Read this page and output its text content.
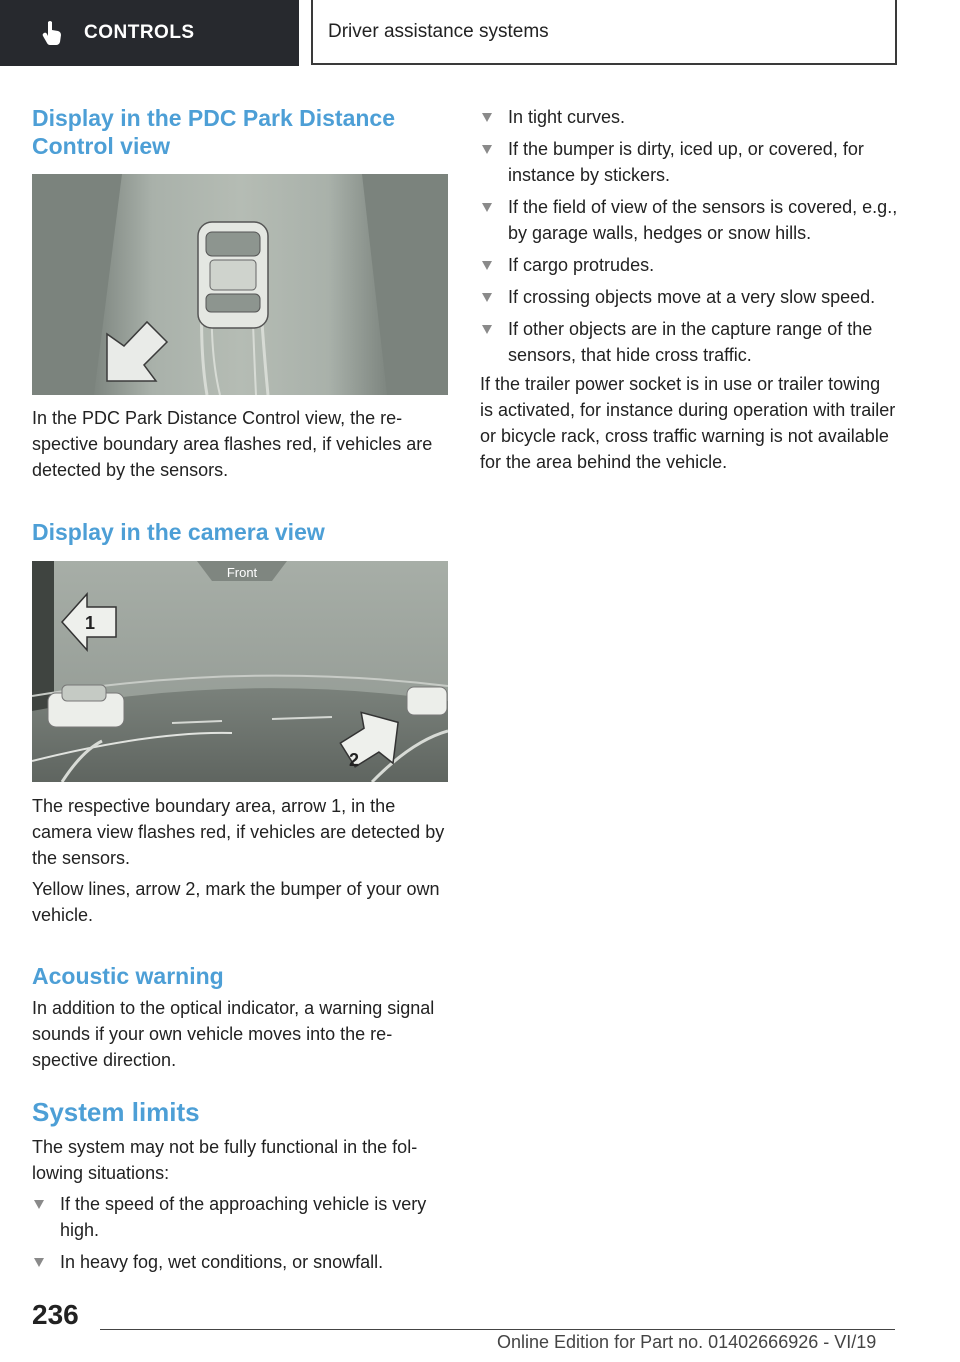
CONTROLS	Driver assistance systems
Display in the PDC Park Distance Control view

In the PDC Park Distance Control view, the respective boundary area flashes red, if vehicles are detected by the sensors.

Display in the camera view
Front
1
2

The respective boundary area, arrow 1, in the camera view flashes red, if vehicles are detected by the sensors.

Yellow lines, arrow 2, mark the bumper of your own vehicle.

Acoustic warning

In addition to the optical indicator, a warning signal sounds if your own vehicle moves into the respective direction.

System limits

The system may not be fully functional in the following situations:

If the speed of the approaching vehicle is very high.
In heavy fog, wet conditions, or snowfall.
In tight curves.
If the bumper is dirty, iced up, or covered, for instance by stickers.
If the field of view of the sensors is covered, e.g., by garage walls, hedges or snow hills.
If cargo protrudes.
If crossing objects move at a very slow speed.
If other objects are in the capture range of the sensors, that hide cross traffic.

If the trailer power socket is in use or trailer towing is activated, for instance during operation with trailer or bicycle rack, cross traffic warning is not available for the area behind the vehicle.

236
Online Edition for Part no. 01402666926 - VI/19
